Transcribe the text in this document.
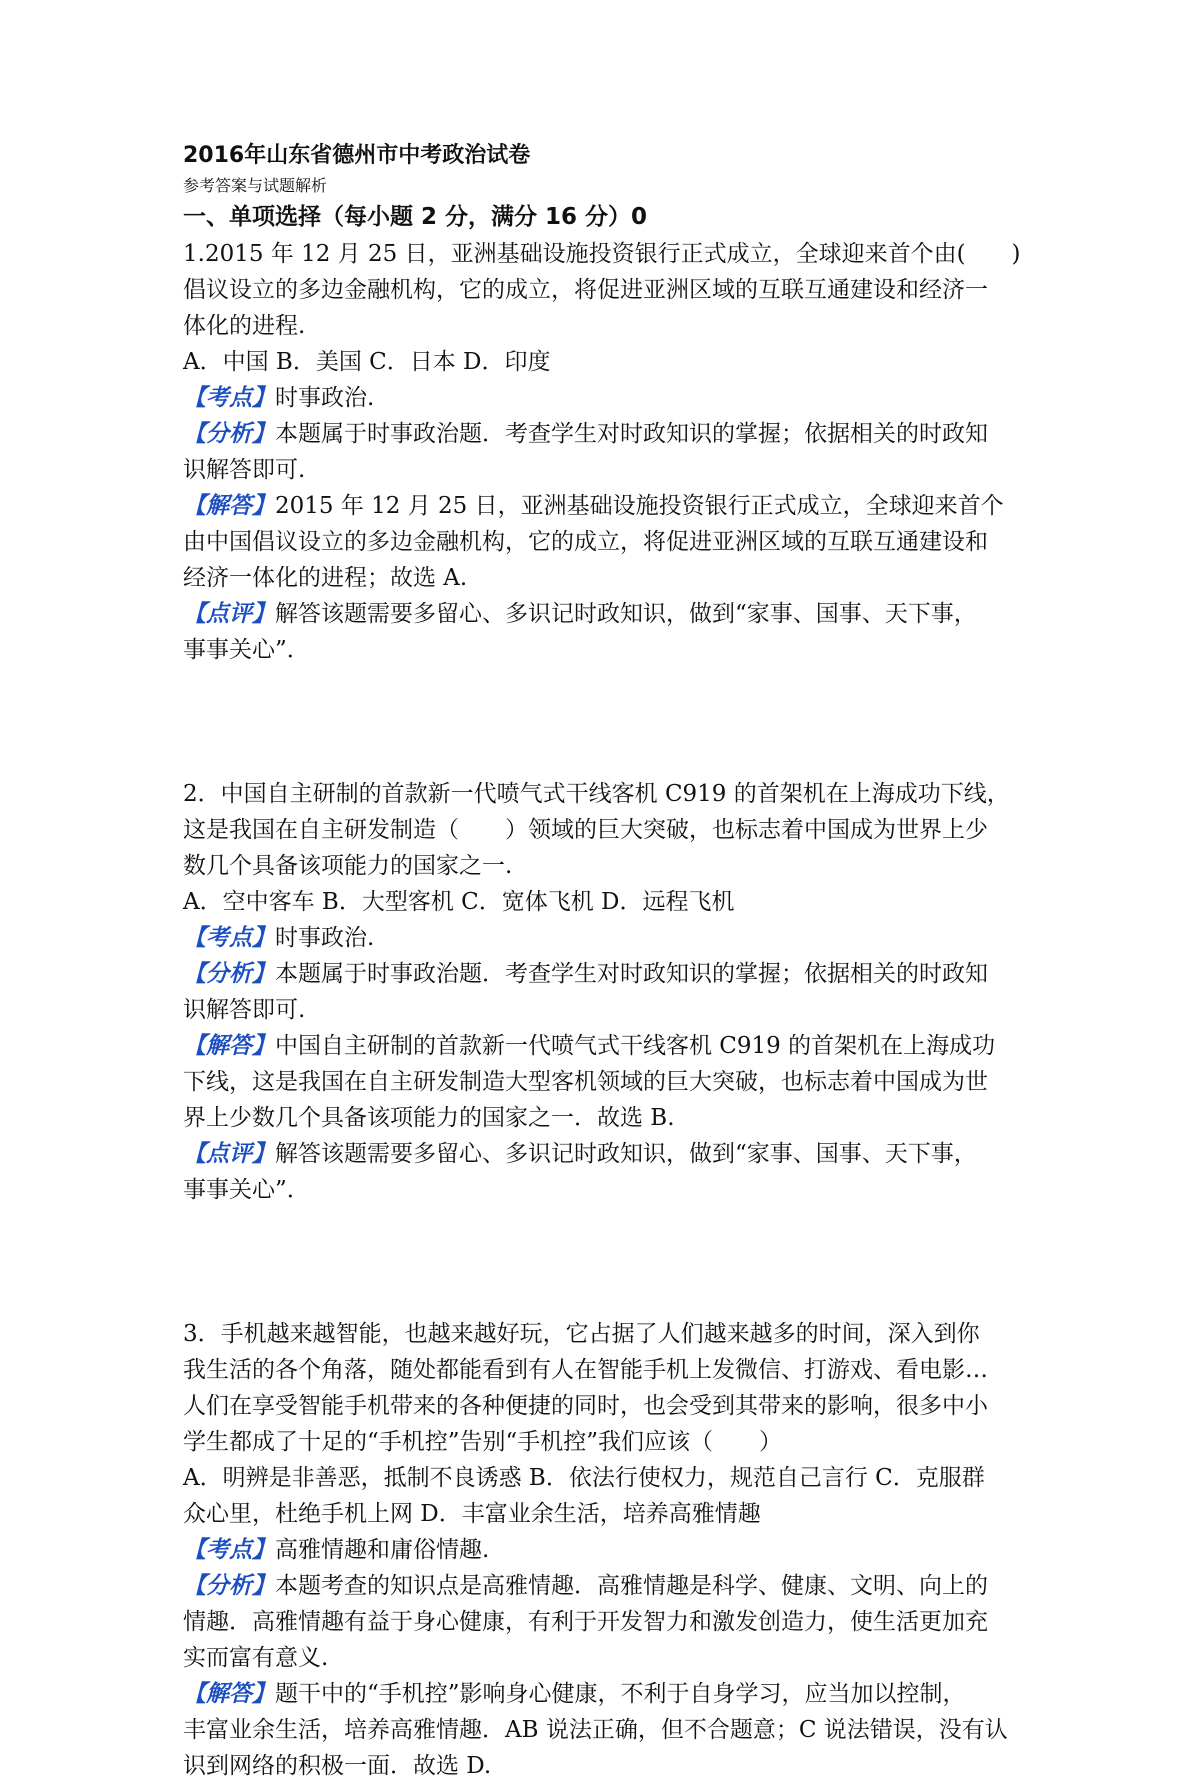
2016年山东省德州市中考政治试卷

参考答案与试题解析

一、单项选择（每小题 2 分，满分 16 分）0

1.2015 年 12 月 25 日，亚洲基础设施投资银行正式成立，全球迎来首个由(　　)

倡议设立的多边金融机构，它的成立，将促进亚洲区域的互联互通建设和经济一

体化的进程.

A．中国 B．美国 C．日本 D．印度

【考点】时事政治.

【分析】本题属于时事政治题．考查学生对时政知识的掌握；依据相关的时政知

识解答即可.

【解答】2015 年 12 月 25 日，亚洲基础设施投资银行正式成立，全球迎来首个

由中国倡议设立的多边金融机构，它的成立，将促进亚洲区域的互联互通建设和

经济一体化的进程；故选 A.

【点评】解答该题需要多留心、多识记时政知识，做到“家事、国事、天下事，

事事关心”．

2．中国自主研制的首款新一代喷气式干线客机 C919 的首架机在上海成功下线，

这是我国在自主研发制造（　　）领域的巨大突破，也标志着中国成为世界上少

数几个具备该项能力的国家之一.

A．空中客车 B．大型客机 C．宽体飞机 D．远程飞机

【考点】时事政治.

【分析】本题属于时事政治题．考查学生对时政知识的掌握；依据相关的时政知

识解答即可.

【解答】中国自主研制的首款新一代喷气式干线客机 C919 的首架机在上海成功

下线，这是我国在自主研发制造大型客机领域的巨大突破，也标志着中国成为世

界上少数几个具备该项能力的国家之一．故选 B.

【点评】解答该题需要多留心、多识记时政知识，做到“家事、国事、天下事，

事事关心”．

3．手机越来越智能，也越来越好玩，它占据了人们越来越多的时间，深入到你

我生活的各个角落，随处都能看到有人在智能手机上发微信、打游戏、看电影…

人们在享受智能手机带来的各种便捷的同时，也会受到其带来的影响，很多中小

学生都成了十足的“手机控”告别“手机控”我们应该（　　）

A．明辨是非善恶，抵制不良诱惑 B．依法行使权力，规范自己言行 C．克服群

众心里，杜绝手机上网 D．丰富业余生活，培养高雅情趣

【考点】高雅情趣和庸俗情趣.

【分析】本题考查的知识点是高雅情趣．高雅情趣是科学、健康、文明、向上的

情趣．高雅情趣有益于身心健康，有利于开发智力和激发创造力，使生活更加充

实而富有意义.

【解答】题干中的“手机控”影响身心健康，不利于自身学习，应当加以控制，

丰富业余生活，培养高雅情趣．AB 说法正确，但不合题意；C 说法错误，没有认

识到网络的积极一面．故选 D.
